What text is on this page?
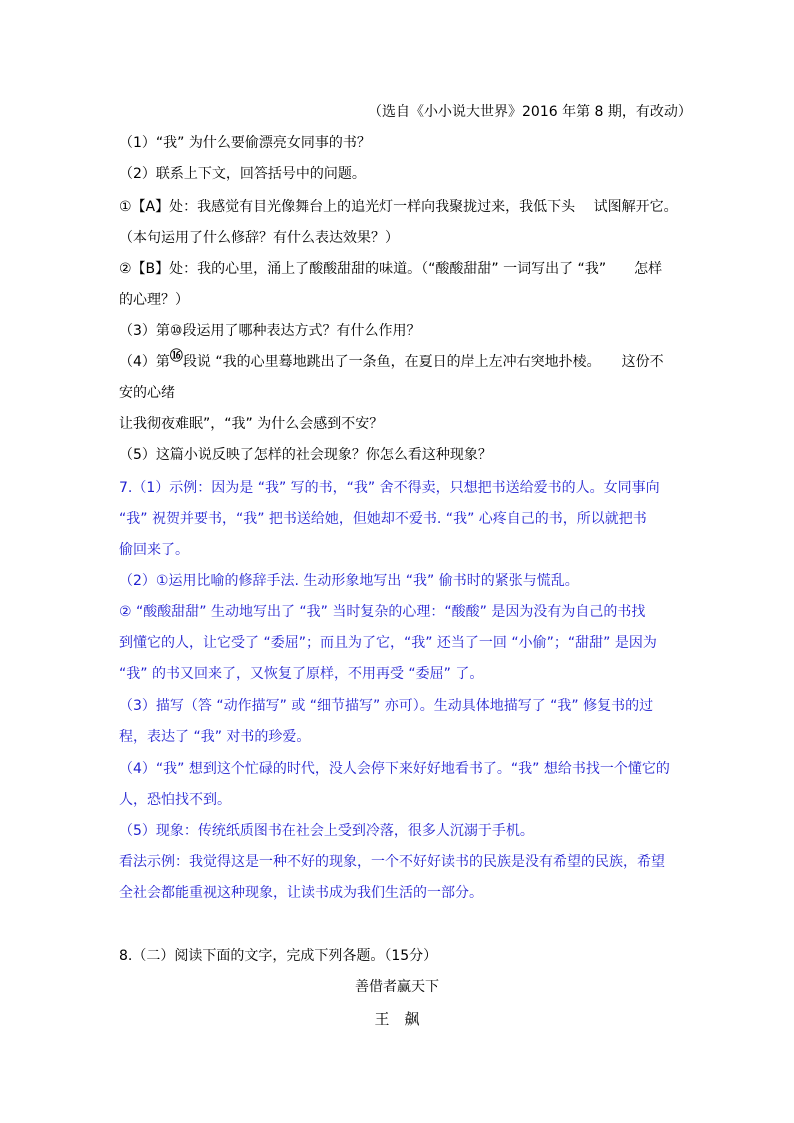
（选自《小小说大世界》2016 年第 8 期，有改动）
（1）“我” 为什么要偷漂亮女同事的书？
（2）联系上下文，回答括号中的问题。
①【A】处：我感觉有目光像舞台上的追光灯一样向我聚拢过来，我低下头　 试图解开它。
（本句运用了什么修辞？有什么表达效果？）
②【B】处：我的心里，涌上了酸酸甜甜的味道。（“酸酸甜甜” 一词写出了 “我”　　怎样
的心理？）
（3）第⑩段运用了哪种表达方式？有什么作用？
（4）第⑯段说 “我的心里蓦地跳出了一条鱼，在夏日的岸上左冲右突地扑棱。　　这份不
安的心绪
让我彻夜难眠”，“我” 为什么会感到不安？
（5）这篇小说反映了怎样的社会现象？你怎么看这种现象？
7.（1）示例：因为是 “我” 写的书，“我” 舍不得卖，只想把书送给爱书的人。女同事向
“我” 祝贺并要书，“我” 把书送给她，但她却不爱书. “我” 心疼自己的书，所以就把书
偷回来了。
（2）①运用比喻的修辞手法. 生动形象地写出 “我” 偷书时的紧张与慌乱。
② “酸酸甜甜” 生动地写出了 “我” 当时复杂的心理：“酸酸” 是因为没有为自己的书找
到懂它的人，让它受了 “委屈”；而且为了它，“我” 还当了一回 “小偷”；“甜甜” 是因为
“我” 的书又回来了，又恢复了原样，不用再受 “委屈” 了。
（3）描写（答 “动作描写” 或 “细节描写” 亦可）。生动具体地描写了 “我” 修复书的过
程，表达了 “我” 对书的珍爱。
（4）“我” 想到这个忙碌的时代，没人会停下来好好地看书了。“我” 想给书找一个懂它的
人，恐怕找不到。
（5）现象：传统纸质图书在社会上受到冷落，很多人沉溺于手机。
看法示例：我觉得这是一种不好的现象，一个不好好读书的民族是没有希望的民族，希望
全社会都能重视这种现象，让读书成为我们生活的一部分。
8.（二）阅读下面的文字，完成下列各题。（15分）
善借者赢天下
王　飙
